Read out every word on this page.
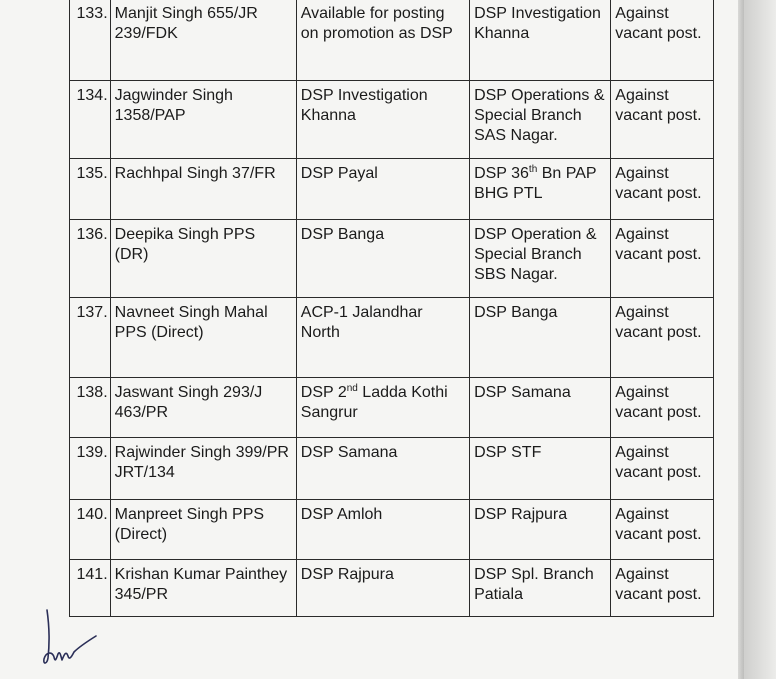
133.	Manjit Singh 655/JR 239/FDK	Available for posting on promotion as DSP	DSP Investigation Khanna	Against vacant post.
134.	Jagwinder Singh 1358/PAP	DSP Investigation Khanna	DSP Operations & Special Branch SAS Nagar.	Against vacant post.
135.	Rachhpal Singh 37/FR	DSP Payal	DSP 36th Bn PAP BHG PTL	Against vacant post.
136.	Deepika Singh PPS (DR)	DSP Banga	DSP Operation & Special Branch SBS Nagar.	Against vacant post.
137.	Navneet Singh Mahal PPS (Direct)	ACP-1 Jalandhar North	DSP Banga	Against vacant post.
138.	Jaswant Singh 293/J 463/PR	DSP 2nd Ladda Kothi Sangrur	DSP Samana	Against vacant post.
139.	Rajwinder Singh 399/PR JRT/134	DSP Samana	DSP STF	Against vacant post.
140.	Manpreet Singh PPS (Direct)	DSP Amloh	DSP Rajpura	Against vacant post.
141.	Krishan Kumar Painthey 345/PR	DSP Rajpura	DSP Spl. Branch Patiala	Against vacant post.
